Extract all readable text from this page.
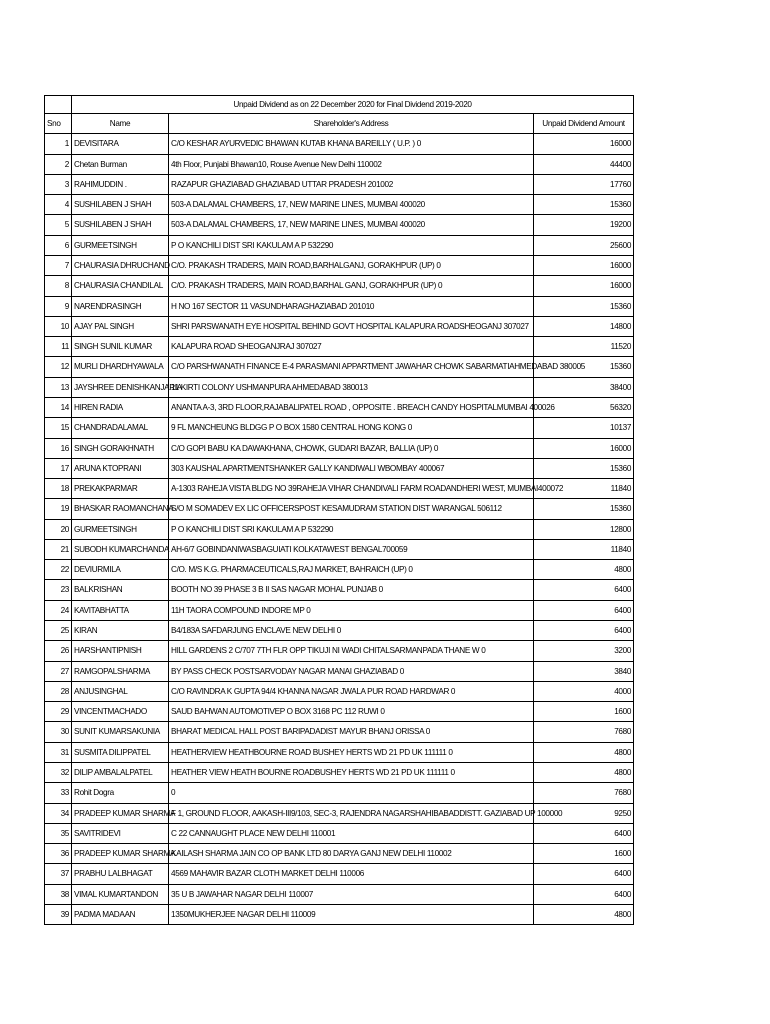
	Unpaid Dividend as on 22 December 2020 for Final Dividend 2019-2020		
Sno	Name	Shareholder's Address	Unpaid Dividend Amount
1	DEVISITARA	C/O KESHAR AYURVEDIC BHAWAN KUTAB KHANA BAREILLY ( U.P. ) 0	16000
2	Chetan Burman	4th Floor, Punjabi Bhawan10, Rouse Avenue New Delhi 110002	44400
3	RAHIMUDDIN .	RAZAPUR GHAZIABAD GHAZIABAD UTTAR PRADESH 201002	17760
4	SUSHILABEN J SHAH	503-A DALAMAL CHAMBERS, 17, NEW MARINE LINES, MUMBAI 400020	15360
5	SUSHILABEN J SHAH	503-A DALAMAL CHAMBERS, 17, NEW MARINE LINES, MUMBAI 400020	19200
6	GURMEETSINGH	P O KANCHILI DIST SRI KAKULAM A P 532290	25600
7	CHAURASIA DHRUCHAND	C/O. PRAKASH TRADERS, MAIN ROAD,BARHALGANJ, GORAKHPUR (UP) 0	16000
8	CHAURASIA CHANDILAL	C/O. PRAKASH TRADERS, MAIN ROAD,BARHAL GANJ, GORAKHPUR (UP) 0	16000
9	NARENDRASINGH	H NO 167 SECTOR 11 VASUNDHARAGHAZIABAD 201010	15360
10	AJAY PAL SINGH	SHRI PARSWANATH EYE HOSPITAL BEHIND GOVT HOSPITAL KALAPURA ROADSHEOGANJ 307027	14800
11	SINGH SUNIL KUMAR	KALAPURA ROAD SHEOGANJRAJ 307027	11520
12	MURLI DHARDHYAWALA	C/O PARSHWANATH FINANCE E-4 PARASMANI APPARTMENT JAWAHAR CHOWK SABARMATIAHMEDABAD 380005	15360
13	JAYSHREE DENISHKANJARIA	11 KIRTI COLONY USHMANPURA AHMEDABAD 380013	38400
14	HIREN RADIA	ANANTA A-3, 3RD FLOOR,RAJABALIPATEL ROAD , OPPOSITE . BREACH CANDY HOSPITALMUMBAI 400026	56320
15	CHANDRADALAMAL	9 FL MANCHEUNG BLDGG P O BOX 1580 CENTRAL HONG KONG 0	10137
16	SINGH GORAKHNATH	C/O GOPI BABU KA DAWAKHANA, CHOWK, GUDARI BAZAR, BALLIA (UP) 0	16000
17	ARUNA KTOPRANI	303 KAUSHAL APARTMENTSHANKER GALLY KANDIWALI WBOMBAY 400067	15360
18	PREKAKPARMAR	A-1303 RAHEJA VISTA BLDG NO 39RAHEJA VIHAR CHANDIVALI FARM ROADANDHERI WEST, MUMBAI400072	11840
19	BHASKAR RAOMANCHANA	S/O M SOMADEV EX LIC OFFICERSPOST KESAMUDRAM STATION DIST WARANGAL 506112	15360
20	GURMEETSINGH	P O KANCHILI DIST SRI KAKULAM A P 532290	12800
21	SUBODH KUMARCHANDA	AH-6/7 GOBINDANIWASBAGUIATI KOLKATAWEST BENGAL700059	11840
22	DEVIURMILA	C/O. M/S K.G. PHARMACEUTICALS,RAJ MARKET, BAHRAICH (UP) 0	4800
23	BALKRISHAN	BOOTH NO 39 PHASE 3 B II SAS NAGAR MOHAL PUNJAB 0	6400
24	KAVITABHATTA	11H TAORA COMPOUND INDORE MP 0	6400
25	KIRAN	B4/183A SAFDARJUNG ENCLAVE NEW DELHI 0	6400
26	HARSHANTIPNISH	HILL GARDENS 2 C/707 7TH FLR OPP TIKUJI NI WADI CHITALSARMANPADA THANE W 0	3200
27	RAMGOPALSHARMA	BY PASS CHECK POSTSARVODAY NAGAR MANAI GHAZIABAD 0	3840
28	ANJUSINGHAL	C/O RAVINDRA K GUPTA 94/4 KHANNA NAGAR JWALA PUR ROAD HARDWAR 0	4000
29	VINCENTMACHADO	SAUD BAHWAN AUTOMOTIVEP O BOX 3168 PC 112 RUWI 0	1600
30	SUNIT KUMARSAKUNIA	BHARAT MEDICAL HALL POST BARIPADADIST MAYUR BHANJ ORISSA 0	7680
31	SUSMITA DILIPPATEL	HEATHERVIEW HEATHBOURNE ROAD BUSHEY HERTS WD 21 PD UK 111111 0	4800
32	DILIP AMBALALPATEL	HEATHER VIEW HEATH BOURNE ROADBUSHEY HERTS WD 21 PD UK 111111 0	4800
33	Rohit Dogra	0	7680
34	PRADEEP KUMAR SHARMA	F 1, GROUND FLOOR, AAKASH-III9/103, SEC-3, RAJENDRA NAGARSHAHIBABADDISTT. GAZIABAD UP 100000	9250
35	SAVITRIDEVI	C 22 CANNAUGHT PLACE NEW DELHI 110001	6400
36	PRADEEP KUMAR SHARMA	KAILASH SHARMA JAIN CO OP BANK LTD 80 DARYA GANJ NEW DELHI 110002	1600
37	PRABHU LALBHAGAT	4569 MAHAVIR BAZAR CLOTH MARKET DELHI 110006	6400
38	VIMAL KUMARTANDON	35 U B JAWAHAR NAGAR DELHI 110007	6400
39	PADMA MADAAN	1350MUKHERJEE NAGAR DELHI 110009	4800
